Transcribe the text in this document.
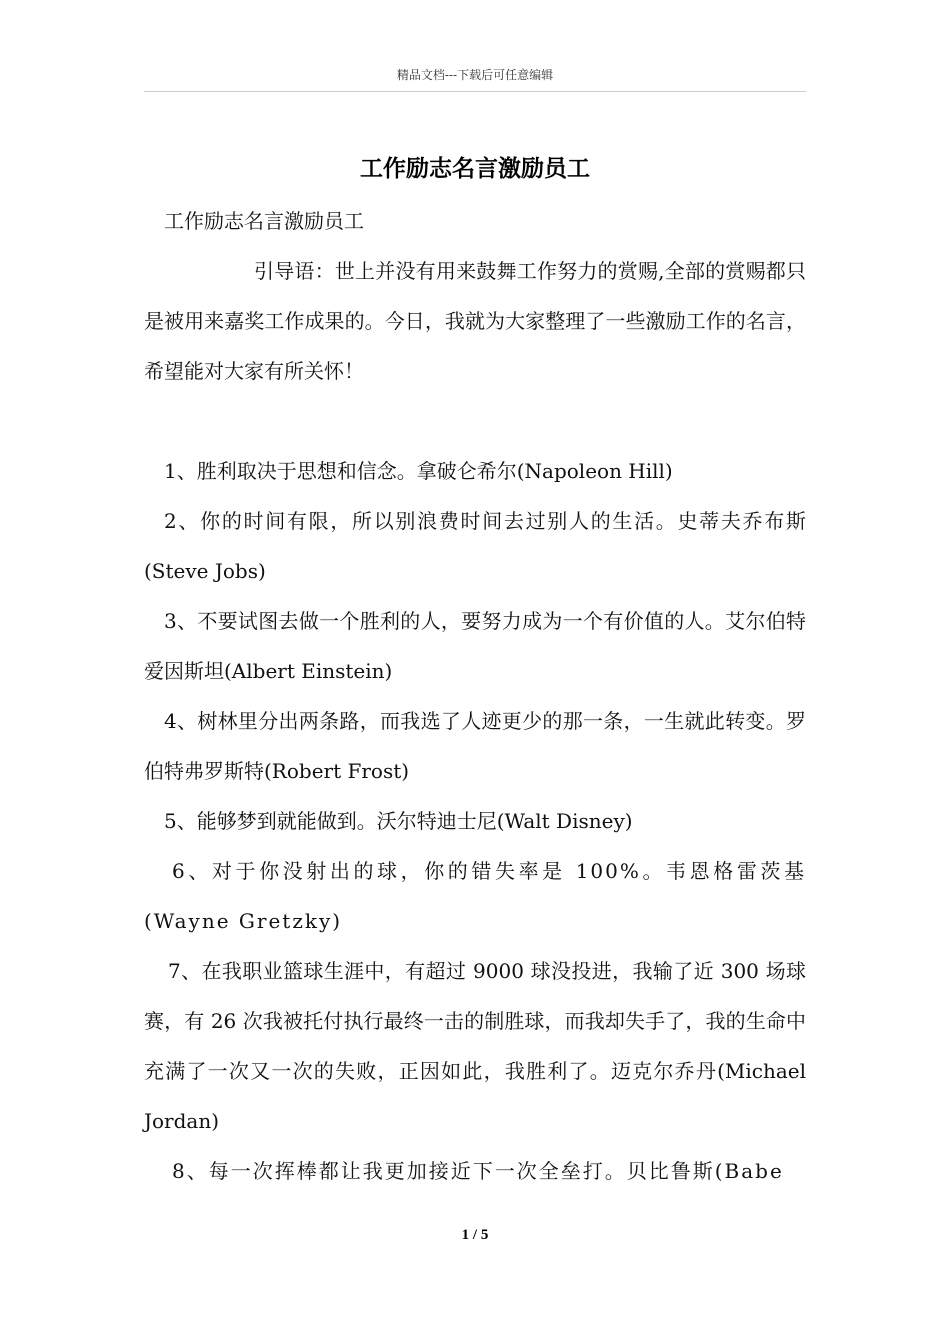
精品文档---下载后可任意编辑
工作励志名言激励员工

工作励志名言激励员工

引导语：世上并没有用来鼓舞工作努力的赏赐,全部的赏赐都只是被用来嘉奖工作成果的。今日，我就为大家整理了一些激励工作的名言，希望能对大家有所关怀！

1、胜利取决于思想和信念。拿破仑希尔(Napoleon Hill)

2、你的时间有限，所以别浪费时间去过别人的生活。史蒂夫乔布斯(Steve Jobs)

3、不要试图去做一个胜利的人，要努力成为一个有价值的人。艾尔伯特爱因斯坦(Albert Einstein)

4、树林里分出两条路，而我选了人迹更少的那一条，一生就此转变。罗伯特弗罗斯特(Robert Frost)

5、能够梦到就能做到。沃尔特迪士尼(Walt Disney)

6、对于你没射出的球，你的错失率是 100%。韦恩格雷茨基(Wayne Gretzky)

7、在我职业篮球生涯中，有超过 9000 球没投进，我输了近 300 场球赛，有 26 次我被托付执行最终一击的制胜球，而我却失手了，我的生命中充满了一次又一次的失败，正因如此，我胜利了。迈克尔乔丹(Michael Jordan)

8、每一次挥棒都让我更加接近下一次全垒打。贝比鲁斯(Babe

1 / 5
